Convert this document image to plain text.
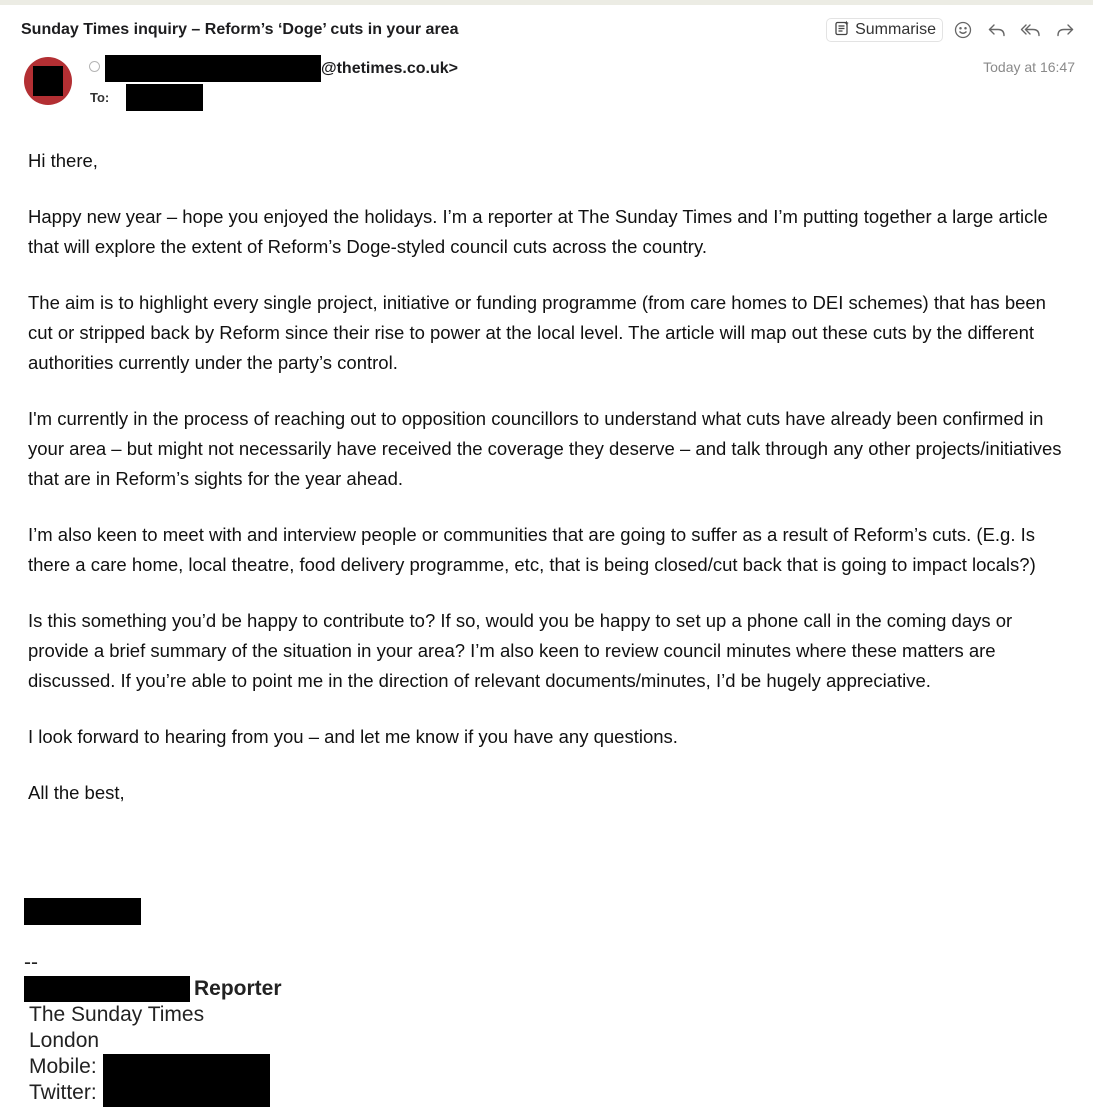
Sunday Times inquiry – Reform’s ‘Doge’ cuts in your area	Summarise
@thetimes.co.uk>
To:
Today at 16:47

Hi there,

Happy new year – hope you enjoyed the holidays. I’m a reporter at The Sunday Times and I’m putting together a large article that will explore the extent of Reform’s Doge-styled council cuts across the country.

The aim is to highlight every single project, initiative or funding programme (from care homes to DEI schemes) that has been cut or stripped back by Reform since their rise to power at the local level. The article will map out these cuts by the different authorities currently under the party’s control.

I'm currently in the process of reaching out to opposition councillors to understand what cuts have already been confirmed in your area – but might not necessarily have received the coverage they deserve – and talk through any other projects/initiatives that are in Reform’s sights for the year ahead.

I’m also keen to meet with and interview people or communities that are going to suffer as a result of Reform’s cuts. (E.g. Is there a care home, local theatre, food delivery programme, etc, that is being closed/cut back that is going to impact locals?)

Is this something you’d be happy to contribute to? If so, would you be happy to set up a phone call in the coming days or provide a brief summary of the situation in your area? I’m also keen to review council minutes where these matters are discussed. If you’re able to point me in the direction of relevant documents/minutes, I’d be hugely appreciative.

I look forward to hearing from you – and let me know if you have any questions.

All the best,

--
Reporter
The Sunday Times
London
Mobile:
Twitter:
